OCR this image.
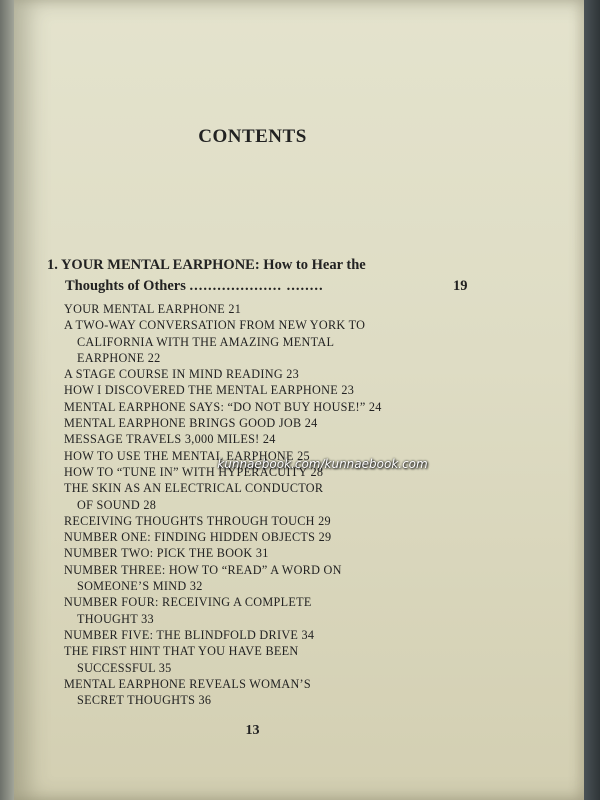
CONTENTS
1. YOUR MENTAL EARPHONE: How to Hear the
Thoughts of Others .................... ........	19
YOUR MENTAL EARPHONE 21
A TWO-WAY CONVERSATION FROM NEW YORK TO
CALIFORNIA WITH THE AMAZING MENTAL
EARPHONE 22
A STAGE COURSE IN MIND READING 23
HOW I DISCOVERED THE MENTAL EARPHONE 23
MENTAL EARPHONE SAYS: “DO NOT BUY HOUSE!” 24
MENTAL EARPHONE BRINGS GOOD JOB 24
MESSAGE TRAVELS 3,000 MILES! 24
HOW TO USE THE MENTAL EARPHONE 25
HOW TO “TUNE IN” WITH HYPERACUITY 28
THE SKIN AS AN ELECTRICAL CONDUCTOR
OF SOUND 28
RECEIVING THOUGHTS THROUGH TOUCH 29
NUMBER ONE: FINDING HIDDEN OBJECTS 29
NUMBER TWO: PICK THE BOOK 31
NUMBER THREE: HOW TO “READ” A WORD ON
SOMEONE’S MIND 32
NUMBER FOUR: RECEIVING A COMPLETE
THOUGHT 33
NUMBER FIVE: THE BLINDFOLD DRIVE 34
THE FIRST HINT THAT YOU HAVE BEEN
SUCCESSFUL 35
MENTAL EARPHONE REVEALS WOMAN’S
SECRET THOUGHTS 36
kunnaebook.com/kunnaebook.com
13
